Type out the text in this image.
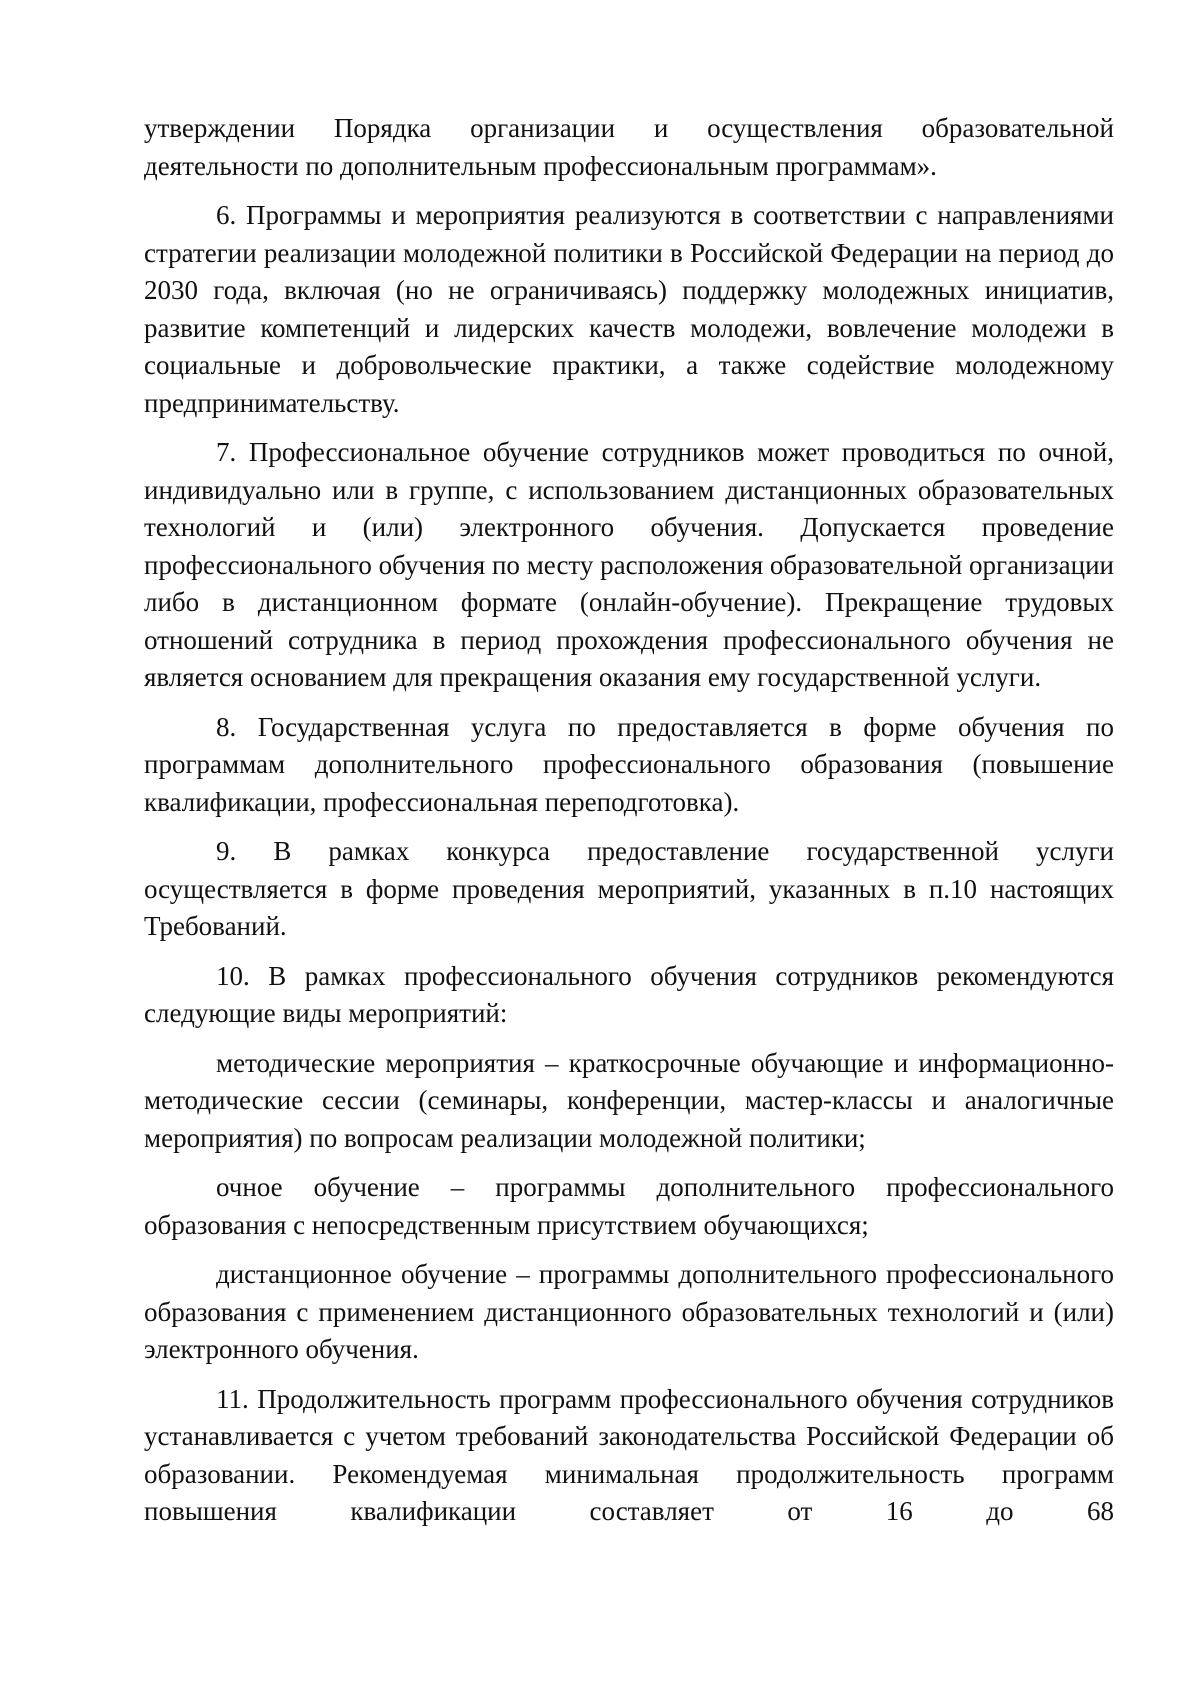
утверждении Порядка организации и осуществления образовательной деятельности по дополнительным профессиональным программам».

6. Программы и мероприятия реализуются в соответствии с направлениями стратегии реализации молодежной политики в Российской Федерации на период до 2030 года, включая (но не ограничиваясь) поддержку молодежных инициатив, развитие компетенций и лидерских качеств молодежи, вовлечение молодежи в социальные и добровольческие практики, а также содействие молодежному предпринимательству.

7. Профессиональное обучение сотрудников может проводиться по очной, индивидуально или в группе, с использованием дистанционных образовательных технологий и (или) электронного обучения. Допускается проведение профессионального обучения по месту расположения образовательной организации либо в дистанционном формате (онлайн-обучение). Прекращение трудовых отношений сотрудника в период прохождения профессионального обучения не является основанием для прекращения оказания ему государственной услуги.

8. Государственная услуга по предоставляется в форме обучения по программам дополнительного профессионального образования (повышение квалификации, профессиональная переподготовка).

9. В рамках конкурса предоставление государственной услуги осуществляется в форме проведения мероприятий, указанных в п.10 настоящих Требований.

10. В рамках профессионального обучения сотрудников рекомендуются следующие виды мероприятий:

методические мероприятия – краткосрочные обучающие и информационно-методические сессии (семинары, конференции, мастер-классы и аналогичные мероприятия) по вопросам реализации молодежной политики;

очное обучение – программы дополнительного профессионального образования с непосредственным присутствием обучающихся;

дистанционное обучение – программы дополнительного профессионального образования с применением дистанционного образовательных технологий и (или) электронного обучения.

11. Продолжительность программ профессионального обучения сотрудников устанавливается с учетом требований законодательства Российской Федерации об образовании. Рекомендуемая минимальная продолжительность программ повышения квалификации составляет от 16 до 68
